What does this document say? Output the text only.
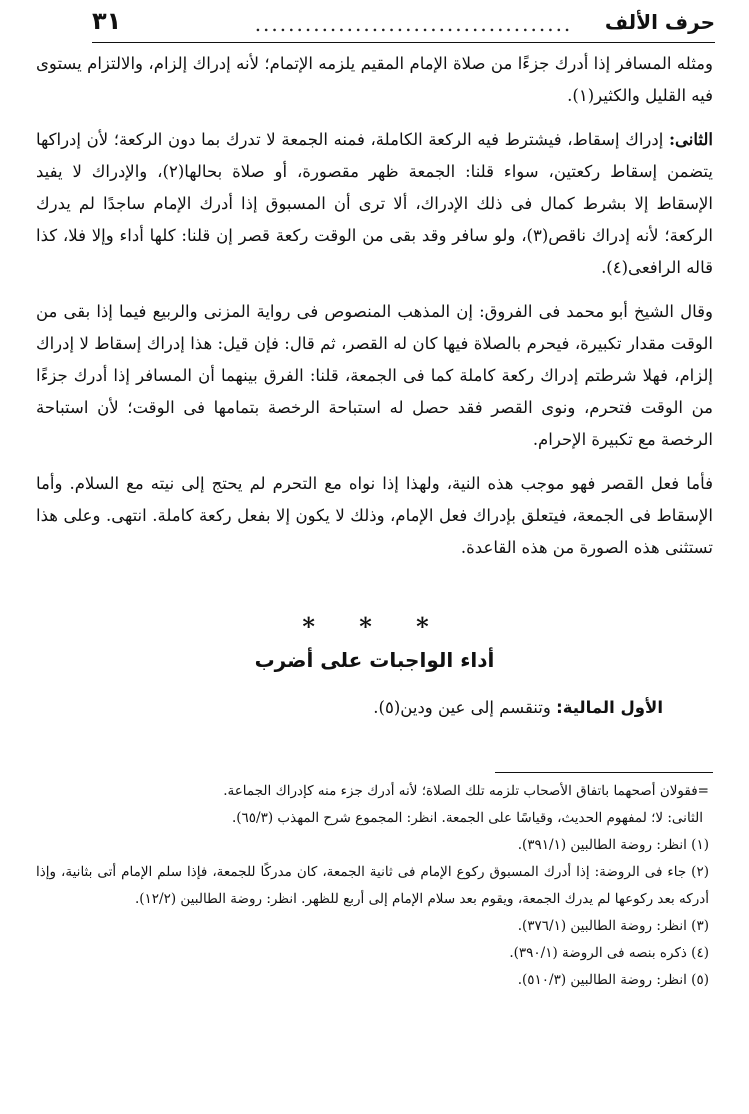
حرف الألف
......................................
٣١

ومثله المسافر إذا أدرك جزءًا من صلاة الإمام المقيم يلزمه الإتمام؛ لأنه إدراك إلزام، والالتزام يستوى فيه القليل والكثير(١).

الثانى: إدراك إسقاط، فيشترط فيه الركعة الكاملة، فمنه الجمعة لا تدرك بما دون الركعة؛ لأن إدراكها يتضمن إسقاط ركعتين، سواء قلنا: الجمعة ظهر مقصورة، أو صلاة بحالها(٢)، والإدراك لا يفيد الإسقاط إلا بشرط كمال فى ذلك الإدراك، ألا ترى أن المسبوق إذا أدرك الإمام ساجدًا لم يدرك الركعة؛ لأنه إدراك ناقص(٣)، ولو سافر وقد بقى من الوقت ركعة قصر إن قلنا: كلها أداء وإلا فلا، كذا قاله الرافعى(٤).

وقال الشيخ أبو محمد فى الفروق: إن المذهب المنصوص فى رواية المزنى والربيع فيما إذا بقى من الوقت مقدار تكبيرة، فيحرم بالصلاة فيها كان له القصر، ثم قال: فإن قيل: هذا إدراك إسقاط لا إدراك إلزام، فهلا شرطتم إدراك ركعة كاملة كما فى الجمعة، قلنا: الفرق بينهما أن المسافر إذا أدرك جزءًا من الوقت فتحرم، ونوى القصر فقد حصل له استباحة الرخصة بتمامها فى الوقت؛ لأن استباحة الرخصة مع تكبيرة الإحرام.

فأما فعل القصر فهو موجب هذه النية، ولهذا إذا نواه مع التحرم لم يحتج إلى نيته مع السلام. وأما الإسقاط فى الجمعة، فيتعلق بإدراك فعل الإمام، وذلك لا يكون إلا بفعل ركعة كاملة. انتهى. وعلى هذا تستثنى هذه الصورة من هذه القاعدة.

* * *
أداء الواجبات على أضرب
الأول المالية: وتنقسم إلى عين ودين(٥).

=فقولان أصحهما باتفاق الأصحاب تلزمه تلك الصلاة؛ لأنه أدرك جزء منه كإدراك الجماعة.

الثانى: لا؛ لمفهوم الحديث، وقياسًا على الجمعة. انظر: المجموع شرح المهذب (٦٥/٣).

(١) انظر: روضة الطالبين (٣٩١/١).

(٢) جاء فى الروضة: إذا أدرك المسبوق ركوع الإمام فى ثانية الجمعة، كان مدركًا للجمعة، فإذا سلم الإمام أتى بثانية، وإذا أدركه بعد ركوعها لم يدرك الجمعة، ويقوم بعد سلام الإمام إلى أربع للظهر. انظر: روضة الطالبين (١٢/٢).

(٣) انظر: روضة الطالبين (٣٧٦/١).

(٤) ذكره بنصه فى الروضة (٣٩٠/١).

(٥) انظر: روضة الطالبين (٥١٠/٣).
